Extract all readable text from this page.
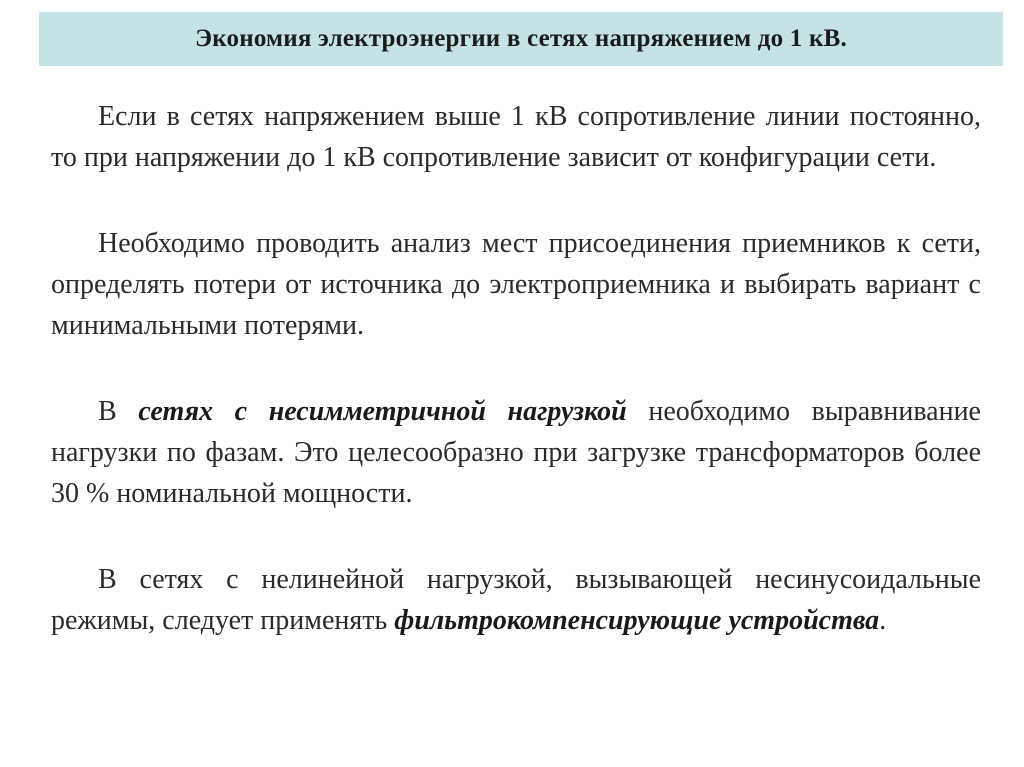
Экономия электроэнергии в сетях напряжением до 1 кВ.

Если в сетях напряжением выше 1 кВ сопротивление линии постоянно, то при напряжении до 1 кВ сопротивление зависит от конфигурации сети.

Необходимо проводить анализ мест присоединения приемников к сети, определять потери от источника до электроприемника и выбирать вариант с минимальными потерями.

В сетях с несимметричной нагрузкой необходимо выравнивание нагрузки по фазам. Это целесообразно при загрузке трансформаторов более 30 % номинальной мощности.

В сетях с нелинейной нагрузкой, вызывающей несинусоидальные режимы, следует применять фильтрокомпенсирующие устройства.
